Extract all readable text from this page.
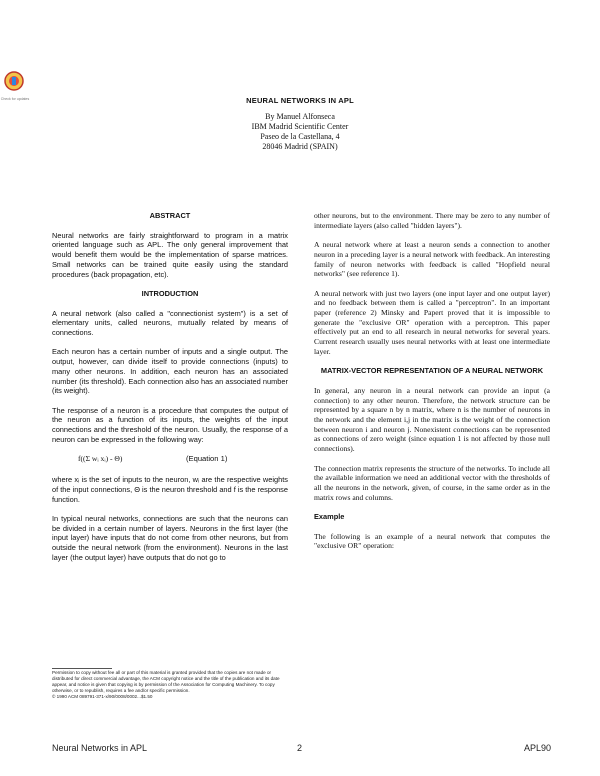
Check for updates	NEURAL NETWORKS IN APL
By Manuel Alfonseca
IBM Madrid Scientific Center
Paseo de la Castellana, 4
28046 Madrid (SPAIN)
ABSTRACT

Neural networks are fairly straightforward to program in a matrix oriented language such as APL. The only general improvement that would benefit them would be the implementation of sparse matrices. Small networks can be trained quite easily using the standard procedures (back propagation, etc).

INTRODUCTION

A neural network (also called a "connectionist system") is a set of elementary units, called neurons, mutually related by means of connections.

Each neuron has a certain number of inputs and a single output. The output, however, can divide itself to provide connections (inputs) to many other neurons. In addition, each neuron has an associated number (its threshold). Each connection also has an associated number (its weight).

The response of a neuron is a procedure that computes the output of the neuron as a function of its inputs, the weights of the input connections and the threshold of the neuron. Usually, the response of a neuron can be expressed in the following way:

f((Σ wᵢ xᵢ) - Θ)	(Equation 1)

where xᵢ is the set of inputs to the neuron, wᵢ are the respective weights of the input connections, Θ is the neuron threshold and f is the response function.

In typical neural networks, connections are such that the neurons can be divided in a certain number of layers. Neurons in the first layer (the input layer) have inputs that do not come from other neurons, but from outside the neural network (from the environment). Neurons in the last layer (the output layer) have outputs that do not go to

Permission to copy without fee all or part of this material is granted provided that the copies are not made or distributed for direct commercial advantage, the ACM copyright notice and the title of the publication and its date appear, and notice is given that copying is by permission of the Association for Computing Machinery. To copy otherwise, or to republish, requires a fee and/or specific permission.
© 1990 ACM 089791-371-x/90/0008/0002...$1.50

other neurons, but to the environment. There may be zero to any number of intermediate layers (also called "hidden layers").

A neural network where at least a neuron sends a connection to another neuron in a preceding layer is a neural network with feedback. An interesting family of neuron networks with feedback is called "Hopfield neural networks" (see reference 1).

A neural network with just two layers (one input layer and one output layer) and no feedback between them is called a "perceptron". In an important paper (reference 2) Minsky and Papert proved that it is impossible to generate the "exclusive OR" operation with a perceptron. This paper effectively put an end to all research in neural networks for several years. Current research usually uses neural networks with at least one intermediate layer.

MATRIX-VECTOR REPRESENTATION OF A NEURAL NETWORK

In general, any neuron in a neural network can provide an input (a connection) to any other neuron. Therefore, the network structure can be represented by a square n by n matrix, where n is the number of neurons in the network and the element i,j in the matrix is the weight of the connection between neuron i and neuron j. Nonexistent connections can be represented as connections of zero weight (since equation 1 is not affected by those null connections).

The connection matrix represents the structure of the networks. To include all the available information we need an additional vector with the thresholds of all the neurons in the network, given, of course, in the same order as in the matrix rows and columns.

Example

The following is an example of a neural network that computes the "exclusive OR" operation:

Neural Networks in APL	2	APL90
